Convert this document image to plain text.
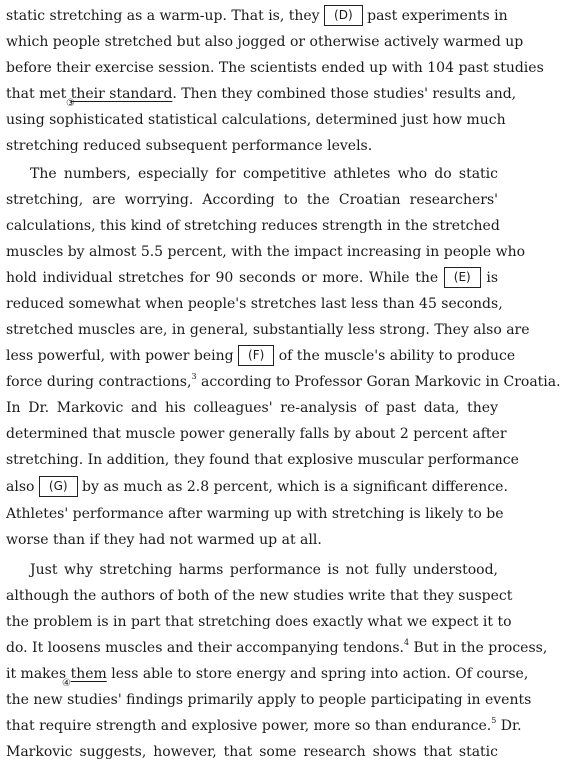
static stretching as a warm-up. That is, they (D) past experiments in
which people stretched but also jogged or otherwise actively warmed up
before their exercise session. The scientists ended up with 104 past studies
that met their standard. Then they combined those studies' results and,
③
using sophisticated statistical calculations, determined just how much
stretching reduced subsequent performance levels.
The numbers, especially for competitive athletes who do static
stretching, are worrying. According to the Croatian researchers'
calculations, this kind of stretching reduces strength in the stretched
muscles by almost 5.5 percent, with the impact increasing in people who
hold individual stretches for 90 seconds or more. While the (E) is
reduced somewhat when people's stretches last less than 45 seconds,
stretched muscles are, in general, substantially less strong. They also are
less powerful, with power being (F) of the muscle's ability to produce
force during contractions,$^3$ according to Professor Goran Markovic in Croatia.
In Dr. Markovic and his colleagues' re-analysis of past data, they
determined that muscle power generally falls by about 2 percent after
stretching. In addition, they found that explosive muscular performance
also (G) by as much as 2.8 percent, which is a significant difference.
Athletes' performance after warming up with stretching is likely to be
worse than if they had not warmed up at all.
Just why stretching harms performance is not fully understood,
although the authors of both of the new studies write that they suspect
the problem is in part that stretching does exactly what we expect it to
do. It loosens muscles and their accompanying tendons.$^4$ But in the process,
it makes them less able to store energy and spring into action. Of course,
④
the new studies' findings primarily apply to people participating in events
that require strength and explosive power, more so than endurance.$^5$ Dr.
Markovic suggests, however, that some research shows that static
